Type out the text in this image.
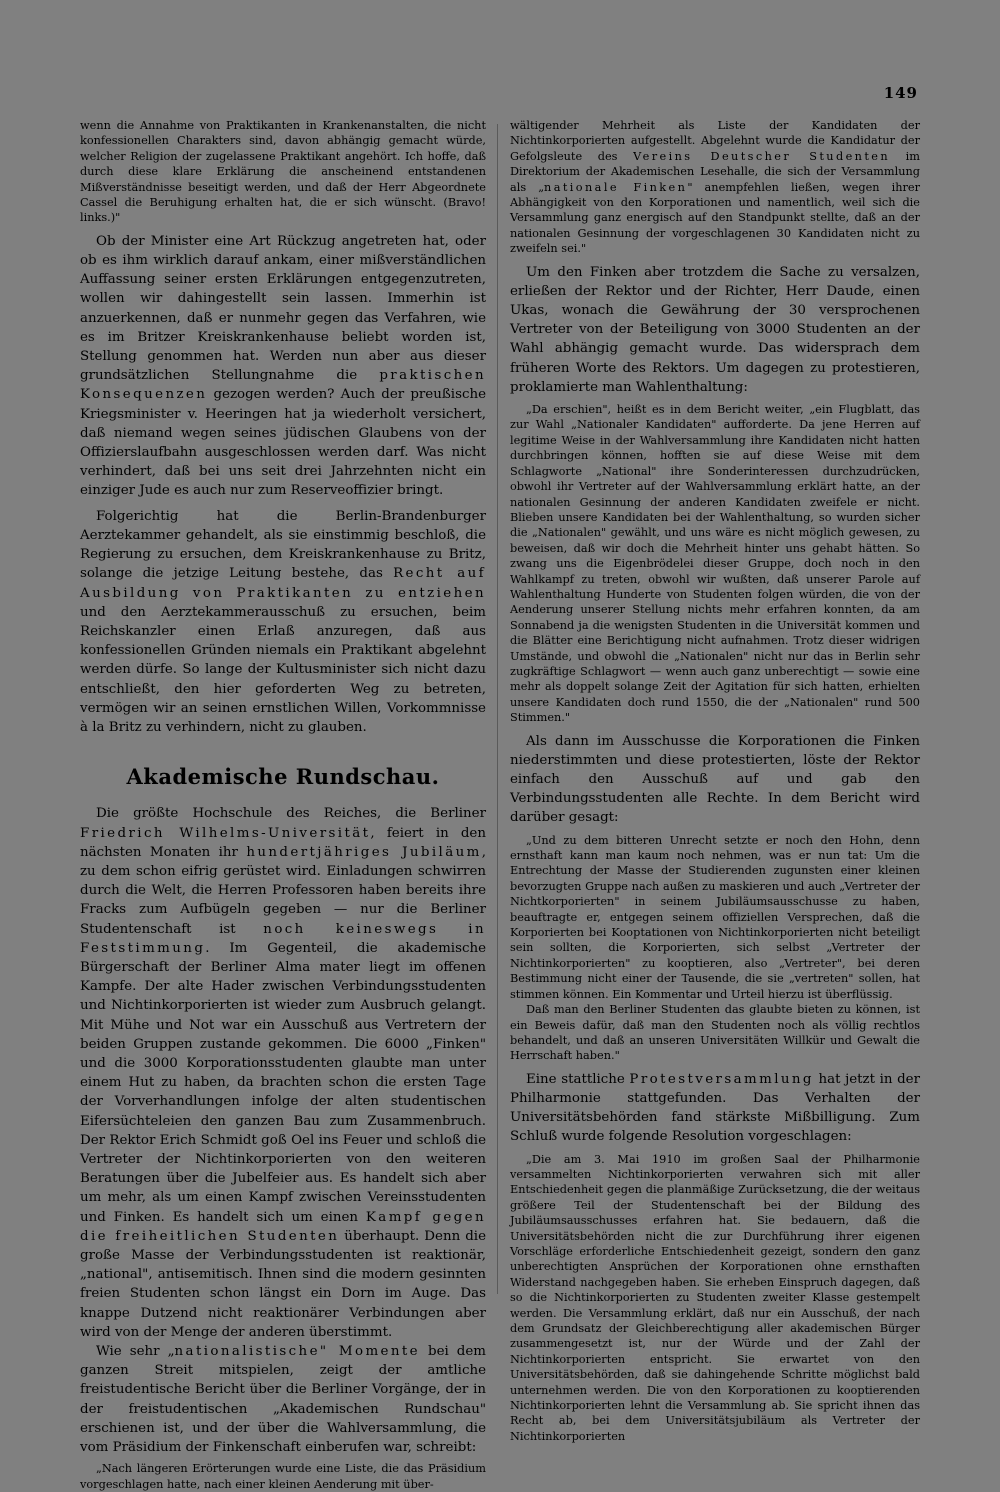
149

wenn die Annahme von Praktikanten in Krankenanstalten, die nicht konfessionellen Charakters sind, davon abhängig gemacht würde, welcher Religion der zugelassene Praktikant angehört. Ich hoffe, daß durch diese klare Erklärung die anscheinend entstandenen Mißverständnisse beseitigt werden, und daß der Herr Abgeordnete Cassel die Beruhigung erhalten hat, die er sich wünscht. (Bravo! links.)"

Ob der Minister eine Art Rückzug angetreten hat, oder ob es ihm wirklich darauf ankam, einer mißverständlichen Auffassung seiner ersten Erklärungen entgegenzutreten, wollen wir dahingestellt sein lassen. Immerhin ist anzuerkennen, daß er nunmehr gegen das Verfahren, wie es im Britzer Kreiskrankenhause beliebt worden ist, Stellung genommen hat. Werden nun aber aus dieser grundsätzlichen Stellungnahme die praktischen Konsequenzen gezogen werden? Auch der preußische Kriegsminister v. Heeringen hat ja wiederholt versichert, daß niemand wegen seines jüdischen Glaubens von der Offizierslaufbahn ausgeschlossen werden darf. Was nicht verhindert, daß bei uns seit drei Jahrzehnten nicht ein einziger Jude es auch nur zum Reserveoffizier bringt.

Folgerichtig hat die Berlin-Brandenburger Aerztekammer gehandelt, als sie einstimmig beschloß, die Regierung zu ersuchen, dem Kreiskrankenhause zu Britz, solange die jetzige Leitung bestehe, das Recht auf Ausbildung von Praktikanten zu entziehen und den Aerztekammerausschuß zu ersuchen, beim Reichskanzler einen Erlaß anzuregen, daß aus konfessionellen Gründen niemals ein Praktikant abgelehnt werden dürfe. So lange der Kultusminister sich nicht dazu entschließt, den hier geforderten Weg zu betreten, vermögen wir an seinen ernstlichen Willen, Vorkommnisse à la Britz zu verhindern, nicht zu glauben.

Akademische Rundschau.

Die größte Hochschule des Reiches, die Berliner Friedrich Wilhelms-Universität, feiert in den nächsten Monaten ihr hundertjähriges Jubiläum, zu dem schon eifrig gerüstet wird. Einladungen schwirren durch die Welt, die Herren Professoren haben bereits ihre Fracks zum Aufbügeln gegeben — nur die Berliner Studentenschaft ist noch keineswegs in Feststimmung. Im Gegenteil, die akademische Bürgerschaft der Berliner Alma mater liegt im offenen Kampfe. Der alte Hader zwischen Verbindungsstudenten und Nichtinkorporierten ist wieder zum Ausbruch gelangt. Mit Mühe und Not war ein Ausschuß aus Vertretern der beiden Gruppen zustande gekommen. Die 6000 „Finken" und die 3000 Korporationsstudenten glaubte man unter einem Hut zu haben, da brachten schon die ersten Tage der Vorverhandlungen infolge der alten studentischen Eifersüchteleien den ganzen Bau zum Zusammenbruch. Der Rektor Erich Schmidt goß Oel ins Feuer und schloß die Vertreter der Nichtinkorporierten von den weiteren Beratungen über die Jubelfeier aus. Es handelt sich aber um mehr, als um einen Kampf zwischen Vereinsstudenten und Finken. Es handelt sich um einen Kampf gegen die freiheitlichen Studenten überhaupt. Denn die große Masse der Verbindungsstudenten ist reaktionär, „national", antisemitisch. Ihnen sind die modern gesinnten freien Studenten schon längst ein Dorn im Auge. Das knappe Dutzend nicht reaktionärer Verbindungen aber wird von der Menge der anderen überstimmt.

Wie sehr „nationalistische" Momente bei dem ganzen Streit mitspielen, zeigt der amtliche freistudentische Bericht über die Berliner Vorgänge, der in der freistudentischen „Akademischen Rundschau" erschienen ist, und der über die Wahlversammlung, die vom Präsidium der Finkenschaft einberufen war, schreibt:

„Nach längeren Erörterungen wurde eine Liste, die das Präsidium vorgeschlagen hatte, nach einer kleinen Aenderung mit über-

wältigender Mehrheit als Liste der Kandidaten der Nichtinkorporierten aufgestellt. Abgelehnt wurde die Kandidatur der Gefolgsleute des Vereins Deutscher Studenten im Direktorium der Akademischen Lesehalle, die sich der Versammlung als „nationale Finken" anempfehlen ließen, wegen ihrer Abhängigkeit von den Korporationen und namentlich, weil sich die Versammlung ganz energisch auf den Standpunkt stellte, daß an der nationalen Gesinnung der vorgeschlagenen 30 Kandidaten nicht zu zweifeln sei."

Um den Finken aber trotzdem die Sache zu versalzen, erließen der Rektor und der Richter, Herr Daude, einen Ukas, wonach die Gewährung der 30 versprochenen Vertreter von der Beteiligung von 3000 Studenten an der Wahl abhängig gemacht wurde. Das widersprach dem früheren Worte des Rektors. Um dagegen zu protestieren, proklamierte man Wahlenthaltung:

„Da erschien", heißt es in dem Bericht weiter, „ein Flugblatt, das zur Wahl „Nationaler Kandidaten" aufforderte. Da jene Herren auf legitime Weise in der Wahlversammlung ihre Kandidaten nicht hatten durchbringen können, hofften sie auf diese Weise mit dem Schlagworte „National" ihre Sonderinteressen durchzudrücken, obwohl ihr Vertreter auf der Wahlversammlung erklärt hatte, an der nationalen Gesinnung der anderen Kandidaten zweifele er nicht. Blieben unsere Kandidaten bei der Wahlenthaltung, so wurden sicher die „Nationalen" gewählt, und uns wäre es nicht möglich gewesen, zu beweisen, daß wir doch die Mehrheit hinter uns gehabt hätten. So zwang uns die Eigenbrödelei dieser Gruppe, doch noch in den Wahlkampf zu treten, obwohl wir wußten, daß unserer Parole auf Wahlenthaltung Hunderte von Studenten folgen würden, die von der Aenderung unserer Stellung nichts mehr erfahren konnten, da am Sonnabend ja die wenigsten Studenten in die Universität kommen und die Blätter eine Berichtigung nicht aufnahmen. Trotz dieser widrigen Umstände, und obwohl die „Nationalen" nicht nur das in Berlin sehr zugkräftige Schlagwort — wenn auch ganz unberechtigt — sowie eine mehr als doppelt solange Zeit der Agitation für sich hatten, erhielten unsere Kandidaten doch rund 1550, die der „Nationalen" rund 500 Stimmen."

Als dann im Ausschusse die Korporationen die Finken niederstimmten und diese protestierten, löste der Rektor einfach den Ausschuß auf und gab den Verbindungsstudenten alle Rechte. In dem Bericht wird darüber gesagt:

„Und zu dem bitteren Unrecht setzte er noch den Hohn, denn ernsthaft kann man kaum noch nehmen, was er nun tat: Um die Entrechtung der Masse der Studierenden zugunsten einer kleinen bevorzugten Gruppe nach außen zu maskieren und auch „Vertreter der Nichtkorporierten" in seinem Jubiläumsausschusse zu haben, beauftragte er, entgegen seinem offiziellen Versprechen, daß die Korporierten bei Kooptationen von Nichtinkorporierten nicht beteiligt sein sollten, die Korporierten, sich selbst „Vertreter der Nichtinkorporierten" zu kooptieren, also „Vertreter", bei deren Bestimmung nicht einer der Tausende, die sie „vertreten" sollen, hat stimmen können. Ein Kommentar und Urteil hierzu ist überflüssig.

Daß man den Berliner Studenten das glaubte bieten zu können, ist ein Beweis dafür, daß man den Studenten noch als völlig rechtlos behandelt, und daß an unseren Universitäten Willkür und Gewalt die Herrschaft haben."

Eine stattliche Protestversammlung hat jetzt in der Philharmonie stattgefunden. Das Verhalten der Universitätsbehörden fand stärkste Mißbilligung. Zum Schluß wurde folgende Resolution vorgeschlagen:

„Die am 3. Mai 1910 im großen Saal der Philharmonie versammelten Nichtinkorporierten verwahren sich mit aller Entschiedenheit gegen die planmäßige Zurücksetzung, die der weitaus größere Teil der Studentenschaft bei der Bildung des Jubiläumsausschusses erfahren hat. Sie bedauern, daß die Universitätsbehörden nicht die zur Durchführung ihrer eigenen Vorschläge erforderliche Entschiedenheit gezeigt, sondern den ganz unberechtigten Ansprüchen der Korporationen ohne ernsthaften Widerstand nachgegeben haben. Sie erheben Einspruch dagegen, daß so die Nichtinkorporierten zu Studenten zweiter Klasse gestempelt werden. Die Versammlung erklärt, daß nur ein Ausschuß, der nach dem Grundsatz der Gleichberechtigung aller akademischen Bürger zusammengesetzt ist, nur der Würde und der Zahl der Nichtinkorporierten entspricht. Sie erwartet von den Universitätsbehörden, daß sie dahingehende Schritte möglichst bald unternehmen werden. Die von den Korporationen zu kooptierenden Nichtinkorporierten lehnt die Versammlung ab. Sie spricht ihnen das Recht ab, bei dem Universitätsjubiläum als Vertreter der Nichtinkorporierten
